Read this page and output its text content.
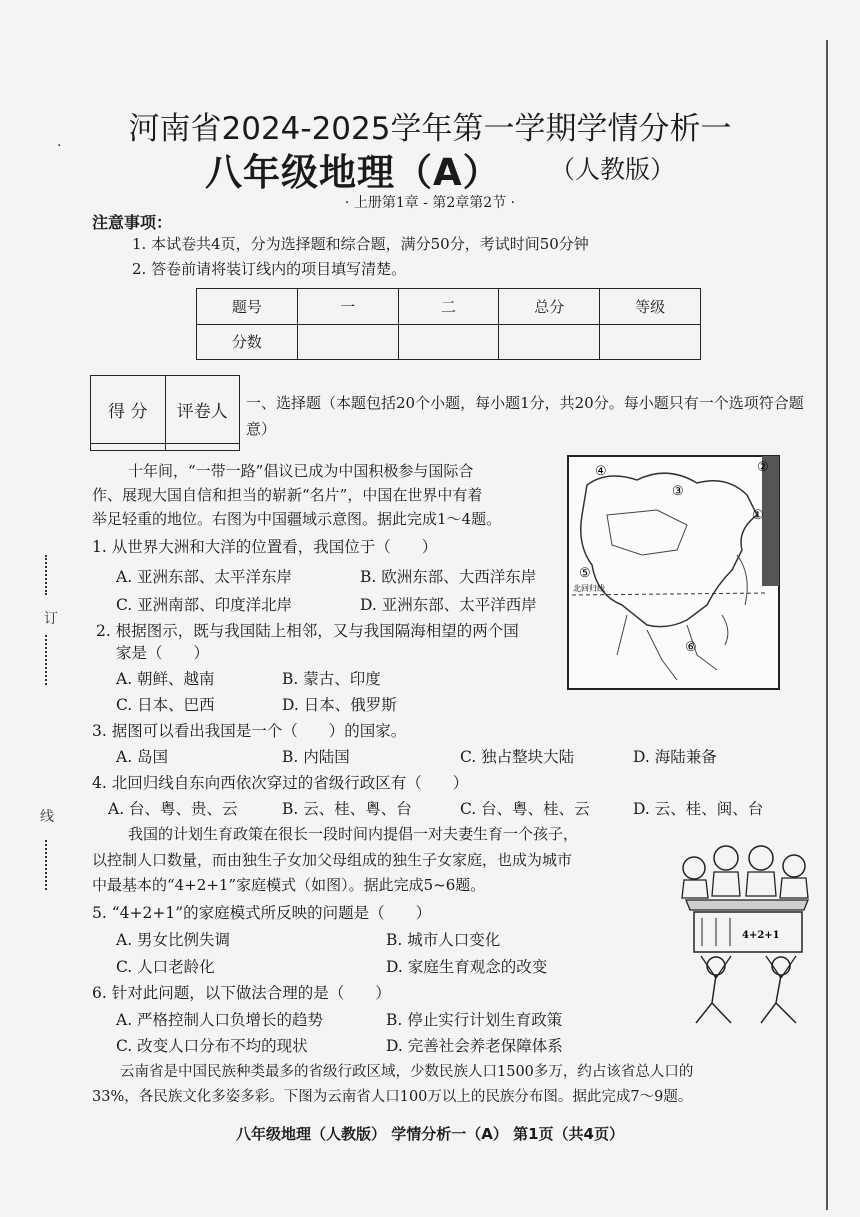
·
订
线
河南省2024-2025学年第一学期学情分析一
八年级地理（A） （人教版）
· 上册第1章 - 第2章第2节 ·
注意事项：
1. 本试卷共4页，分为选择题和综合题，满分50分，考试时间50分钟
2. 答卷前请将装订线内的项目填写清楚。
题号	一	二	总分	等级
分数				
得 分	评卷人
	一、选择题（本题包括20个小题，每小题1分，共20分。每小题只有一个选项符合题意）
十年间，“一带一路”倡议已成为中国积极参与国际合
作、展现大国自信和担当的崭新“名片”，中国在世界中有着
举足轻重的地位。右图为中国疆域示意图。据此完成1～4题。
④	②
③
①
⑤
北回归线
⑥
1. 从世界大洲和大洋的位置看，我国位于（　　）
A. 亚洲东部、太平洋东岸	B. 欧洲东部、大西洋东岸
C. 亚洲南部、印度洋北岸	D. 亚洲东部、太平洋西岸
2. 根据图示，既与我国陆上相邻，又与我国隔海相望的两个国
家是（　　）
A. 朝鲜、越南	B. 蒙古、印度
C. 日本、巴西	D. 日本、俄罗斯
3. 据图可以看出我国是一个（　　）的国家。
A. 岛国	B. 内陆国	C. 独占整块大陆	D. 海陆兼备
4. 北回归线自东向西依次穿过的省级行政区有（　　）
A. 台、粤、贵、云	B. 云、桂、粤、台	C. 台、粤、桂、云	D. 云、桂、闽、台
我国的计划生育政策在很长一段时间内提倡一对夫妻生育一个孩子，
以控制人口数量，而由独生子女加父母组成的独生子女家庭，也成为城市
中最基本的“4+2+1”家庭模式（如图）。据此完成5~6题。
4+2+1
5. “4+2+1”的家庭模式所反映的问题是（　　）
A. 男女比例失调	B. 城市人口变化
C. 人口老龄化	D. 家庭生育观念的改变
6. 针对此问题，以下做法合理的是（　　）
A. 严格控制人口负增长的趋势	B. 停止实行计划生育政策
C. 改变人口分布不均的现状	D. 完善社会养老保障体系
云南省是中国民族种类最多的省级行政区域，少数民族人口1500多万，约占该省总人口的
33%，各民族文化多姿多彩。下图为云南省人口100万以上的民族分布图。据此完成7～9题。
八年级地理（人教版） 学情分析一（A） 第1页（共4页）
